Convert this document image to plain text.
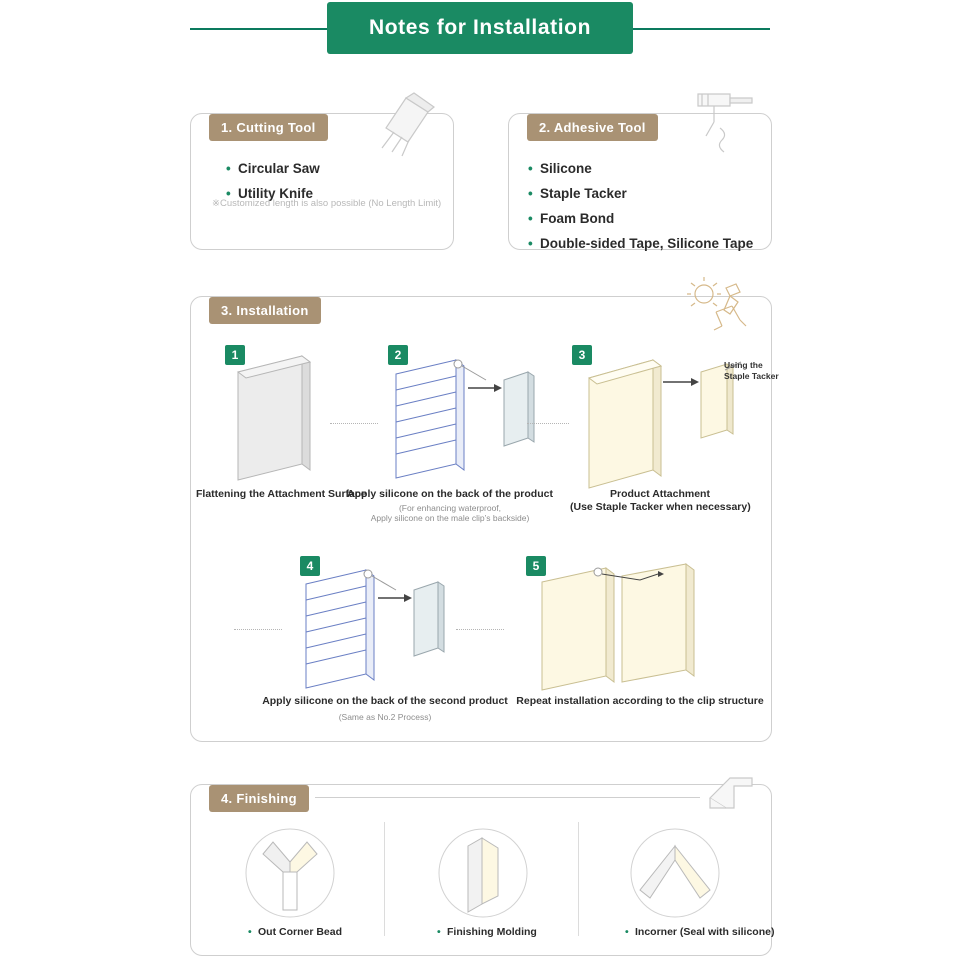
Notes for Installation
1. Cutting Tool
• Circular Saw
• Utility Knife
※Customized length is also possible (No Length Limit)
2. Adhesive Tool
• Silicone
• Staple Tacker
• Foam Bond
• Double-sided Tape, Silicone Tape
3. Installation
1
Flattening the Attachment Surface
2
Apply silicone on the back of the product
(For enhancing waterproof,
Apply silicone on the male clip’s backside)
3
Using the
Staple Tacker
Product Attachment
(Use Staple Tacker when necessary)
4
Apply silicone on the back of the second product
(Same as No.2 Process)
5
Repeat installation according to the clip structure
4. Finishing
• Out Corner Bead	• Finishing Molding	• Incorner (Seal with silicone)
